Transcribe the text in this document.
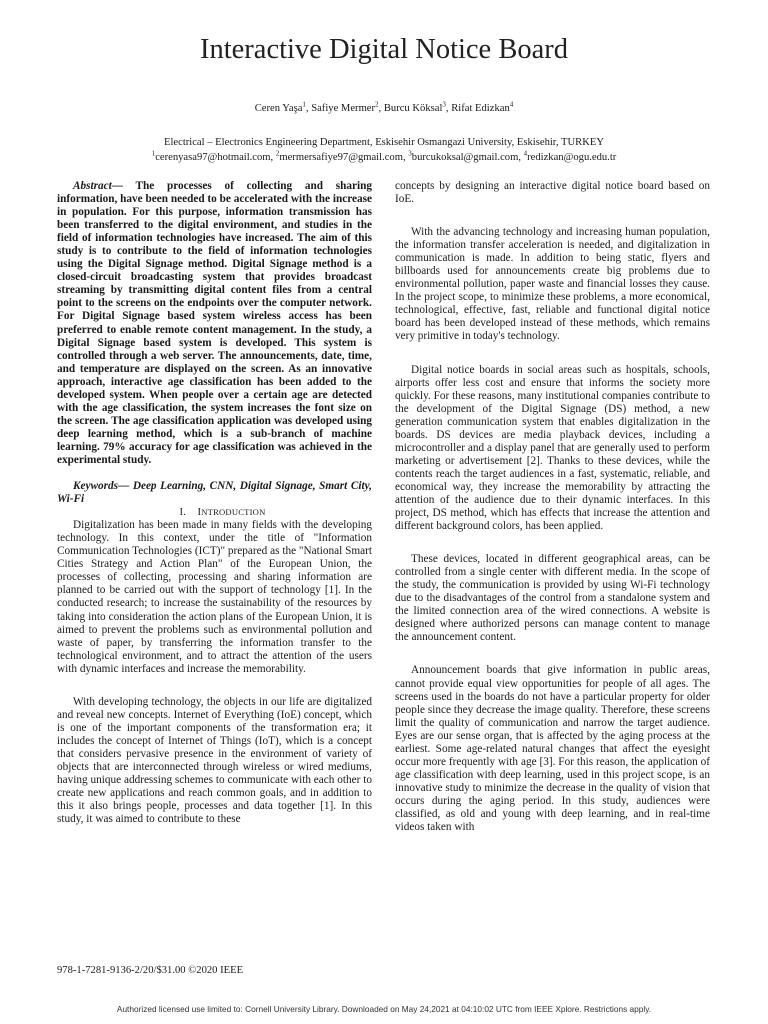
Interactive Digital Notice Board
Ceren Yaşa$^1$, Safiye Mermer$^2$, Burcu Köksal$^3$, Rifat Edizkan$^4$
Electrical – Electronics Engineering Department, Eskisehir Osmangazi University, Eskisehir, TURKEY
$^1$cerenyasa97@hotmail.com, $^2$mermersafiye97@gmail.com, $^3$burcukoksal@gmail.com, $^4$redizkan@ogu.edu.tr

Abstract— The processes of collecting and sharing information, have been needed to be accelerated with the increase in population. For this purpose, information transmission has been transferred to the digital environment, and studies in the field of information technologies have increased. The aim of this study is to contribute to the field of information technologies using the Digital Signage method. Digital Signage method is a closed-circuit broadcasting system that provides broadcast streaming by transmitting digital content files from a central point to the screens on the endpoints over the computer network. For Digital Signage based system wireless access has been preferred to enable remote content management. In the study, a Digital Signage based system is developed. This system is controlled through a web server. The announcements, date, time, and temperature are displayed on the screen. As an innovative approach, interactive age classification has been added to the developed system. When people over a certain age are detected with the age classification, the system increases the font size on the screen. The age classification application was developed using deep learning method, which is a sub-branch of machine learning. 79% accuracy for age classification was achieved in the experimental study.

Keywords— Deep Learning, CNN, Digital Signage, Smart City, Wi-Fi

I. INTRODUCTION

Digitalization has been made in many fields with the developing technology. In this context, under the title of "Information Communication Technologies (ICT)" prepared as the "National Smart Cities Strategy and Action Plan" of the European Union, the processes of collecting, processing and sharing information are planned to be carried out with the support of technology [1]. In the conducted research; to increase the sustainability of the resources by taking into consideration the action plans of the European Union, it is aimed to prevent the problems such as environmental pollution and waste of paper, by transferring the information transfer to the technological environment, and to attract the attention of the users with dynamic interfaces and increase the memorability.

With developing technology, the objects in our life are digitalized and reveal new concepts. Internet of Everything (IoE) concept, which is one of the important components of the transformation era; it includes the concept of Internet of Things (IoT), which is a concept that considers pervasive presence in the environment of variety of objects that are interconnected through wireless or wired mediums, having unique addressing schemes to communicate with each other to create new applications and reach common goals, and in addition to this it also brings people, processes and data together [1]. In this study, it was aimed to contribute to these

concepts by designing an interactive digital notice board based on IoE.

With the advancing technology and increasing human population, the information transfer acceleration is needed, and digitalization in communication is made. In addition to being static, flyers and billboards used for announcements create big problems due to environmental pollution, paper waste and financial losses they cause. In the project scope, to minimize these problems, a more economical, technological, effective, fast, reliable and functional digital notice board has been developed instead of these methods, which remains very primitive in today's technology.

Digital notice boards in social areas such as hospitals, schools, airports offer less cost and ensure that informs the society more quickly. For these reasons, many institutional companies contribute to the development of the Digital Signage (DS) method, a new generation communication system that enables digitalization in the boards. DS devices are media playback devices, including a microcontroller and a display panel that are generally used to perform marketing or advertisement [2]. Thanks to these devices, while the contents reach the target audiences in a fast, systematic, reliable, and economical way, they increase the memorability by attracting the attention of the audience due to their dynamic interfaces. In this project, DS method, which has effects that increase the attention and different background colors, has been applied.

These devices, located in different geographical areas, can be controlled from a single center with different media. In the scope of the study, the communication is provided by using Wi-Fi technology due to the disadvantages of the control from a standalone system and the limited connection area of the wired connections. A website is designed where authorized persons can manage content to manage the announcement content.

Announcement boards that give information in public areas, cannot provide equal view opportunities for people of all ages. The screens used in the boards do not have a particular property for older people since they decrease the image quality. Therefore, these screens limit the quality of communication and narrow the target audience. Eyes are our sense organ, that is affected by the aging process at the earliest. Some age-related natural changes that affect the eyesight occur more frequently with age [3]. For this reason, the application of age classification with deep learning, used in this project scope, is an innovative study to minimize the decrease in the quality of vision that occurs during the aging period. In this study, audiences were classified, as old and young with deep learning, and in real-time videos taken with

978-1-7281-9136-2/20/$31.00 ©2020 IEEE
Authorized licensed use limited to: Cornell University Library. Downloaded on May 24,2021 at 04:10:02 UTC from IEEE Xplore. Restrictions apply.
